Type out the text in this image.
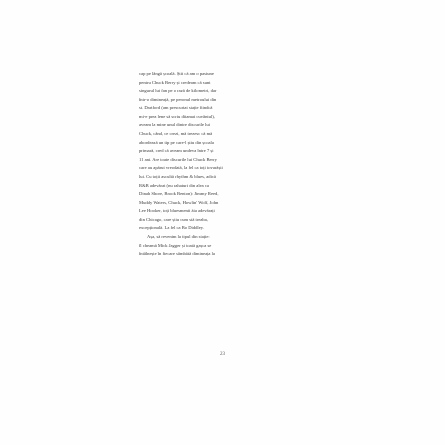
cap pe lângă școală. Știi că am o pasiune
pentru Chuck Berry și credeam că sunt
singurul lui fan pe o rază de kilometri, dar
într-o dimineață, pe peronul metroului din
st. Dartford (am prescurtat stație fiindcă
mi-e prea lene să scriu ditamai cuvântul),
aveam la mine unul dintre discurile lui
Chuck, când, ce crezi, mă trezesc că mă
abordează un tip pe care-l știu din școala
primară, cred că aveam undeva între 7 și
11 ani. Are toate discurile lui Chuck Berry
care au apărut vreodată, la fel ca toți tovarășii
lui. Cu toții ascultă rhythm & blues, adică
R&B adevărat (nu rahaturi din alea ca
Dinah Shore, Brook Benton): Jimmy Reed,
Muddy Waters, Chuck, Howlin' Wolf, John
Lee Hooker, toți bluesmenii ăia adevărați
din Chicago, care știu cum stă treaba,
excepțională. La fel ca Bo Diddley.
Așa, să revenim la tipul din stație:
îl cheamă Mick Jagger și toată gașca se
întâlnește în fiecare sâmbătă dimineața la
23
